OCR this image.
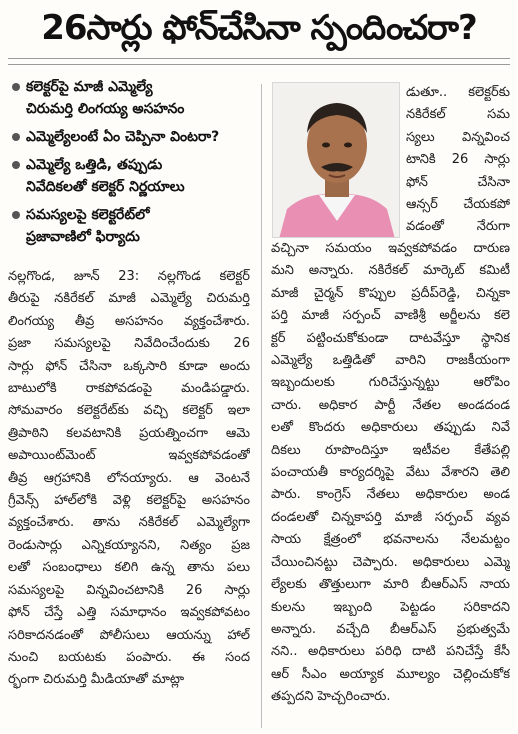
26సార్లు ఫోన్‌చేసినా స్పందించరా?
కలెక్టర్‌పై మాజీ ఎమ్మెల్యే
చిరుమర్తి లింగయ్య అసహనం
ఎమ్మెల్యేలంటే ఏం చెప్పినా వింటరా?
ఎమ్మెల్యే ఒత్తిడి, తప్పుడు
నివేదికలతో కలెక్టర్‌ నిర్ణయాలు
సమస్యలపై కలెక్టరేట్‌లో
ప్రజావాణిలో ఫిర్యాదు
డుతూ.. కలెక్టర్‌కు
నకిరేకల్‌ సమ
స్యలు విన్నవించ
టానికి 26 సార్లు
ఫోన్‌ చేసినా
ఆన్సర్‌ చేయకపో
వడంతో నేరుగా
నల్లగొండ, జూన్‌ 23: నల్లగొండ కలెక్టర్‌
తీరుపై నకిరేకల్‌ మాజీ ఎమ్మెల్యే చిరుమర్తి
లింగయ్య తీవ్ర అసహనం వ్యక్తంచేశారు.
ప్రజా సమస్యలపై నివేదించేందుకు 26
సార్లు ఫోన్‌ చేసినా ఒక్కసారి కూడా అందు
బాటులోకి రాకపోవడంపై మండిపడ్డారు.
సోమవారం కలెక్టరేట్‌కు వచ్చి కలెక్టర్‌ ఇలా
త్రిపాఠిని కలవటానికి ప్రయత్నించగా ఆమె
అపాయింట్‌మెంట్‌ ఇవ్వకపోవడంతో
తీవ్ర ఆగ్రహానికి లోనయ్యారు. ఆ వెంటనే
గ్రీవెన్స్‌ హాల్‌లోకి వెళ్లి కలెక్టర్‌పై అసహనం
వ్యక్తంచేశారు. తాను నకిరేకల్‌ ఎమ్మెల్యేగా
రెండుసార్లు ఎన్నికయ్యానని, నిత్యం ప్రజ
లతో సంబంధాలు కలిగి ఉన్న తాను పలు
సమస్యలపై విన్నవించటానికి 26 సార్లు
ఫోన్‌ చేస్తే ఎత్తి సమాధానం ఇవ్వకపోవటం
సరికాదనడంతో పోలీసులు ఆయన్ను హాల్‌
నుంచి బయటకు పంపారు. ఈ సంద
ర్భంగా చిరుమర్తి మీడియాతో మాట్లా
వచ్చినా సమయం ఇవ్వకపోవడం దారుణ
మని అన్నారు. నకిరేకల్‌ మార్కెట్‌ కమిటీ
మాజీ చైర్మన్‌ కొప్పుల ప్రదీప్‌రెడ్డి, చిన్నకా
పర్తి మాజీ సర్పంచ్‌ వాణిశ్రీ అర్జీలను కలె
క్టర్‌ పట్టించుకోకుండా దాటవేస్తూ స్థానిక
ఎమ్మెల్యే ఒత్తిడితో వారిని రాజకీయంగా
ఇబ్బందులకు గురిచేస్తున్నట్టు ఆరోపిం
చారు. అధికార పార్టీ నేతల అండదండ
లతో కొందరు అధికారులు తప్పుడు నివే
దికలు రూపొందిస్తూ ఇటీవల కేతేపల్లి
పంచాయతీ కార్యదర్శిపై వేటు వేశారని తెలి
పారు. కాంగ్రెస్‌ నేతలు అధికారుల అండ
దండలతో చిన్నకాపర్తి మాజీ సర్పంచ్‌ వ్యవ
సాయ క్షేత్రంలో భవనాలను నేలమట్టం
చేయించినట్టు చెప్పారు. అధికారులు ఎమ్మె
ల్యేలకు తొత్తులుగా మారి బీఆర్‌ఎస్‌ నాయ
కులను ఇబ్బంది పెట్టడం సరికాదని
అన్నారు. వచ్చేది బీఆర్‌ఎస్‌ ప్రభుత్వమే
నని.. అధికారులు పరిధి దాటి పనిచేస్తే కేసీ
ఆర్‌ సీఎం అయ్యాక మూల్యం చెల్లించుకోక
తప్పదని హెచ్చరించారు.
